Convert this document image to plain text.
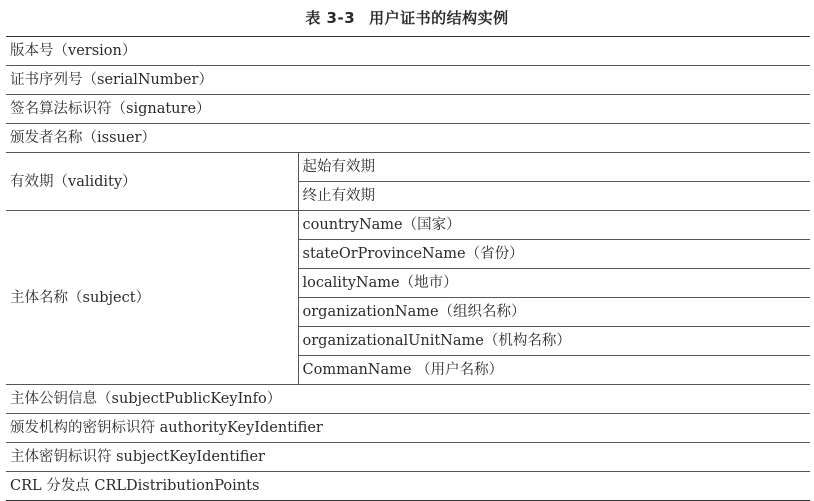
表 3-3 用户证书的结构实例
版本号（version）	
证书序列号（serialNumber）	
签名算法标识符（signature）	
颁发者名称（issuer）	
有效期（validity）	起始有效期
	终止有效期
主体名称（subject）	countryName（国家）
	stateOrProvinceName（省份）
	localityName（地市）
	organizationName（组织名称）
	organizationalUnitName（机构名称）
	CommanName （用户名称）
主体公钥信息（subjectPublicKeyInfo）	
颁发机构的密钥标识符 authorityKeyIdentifier	
主体密钥标识符 subjectKeyIdentifier	
CRL 分发点 CRLDistributionPoints	
